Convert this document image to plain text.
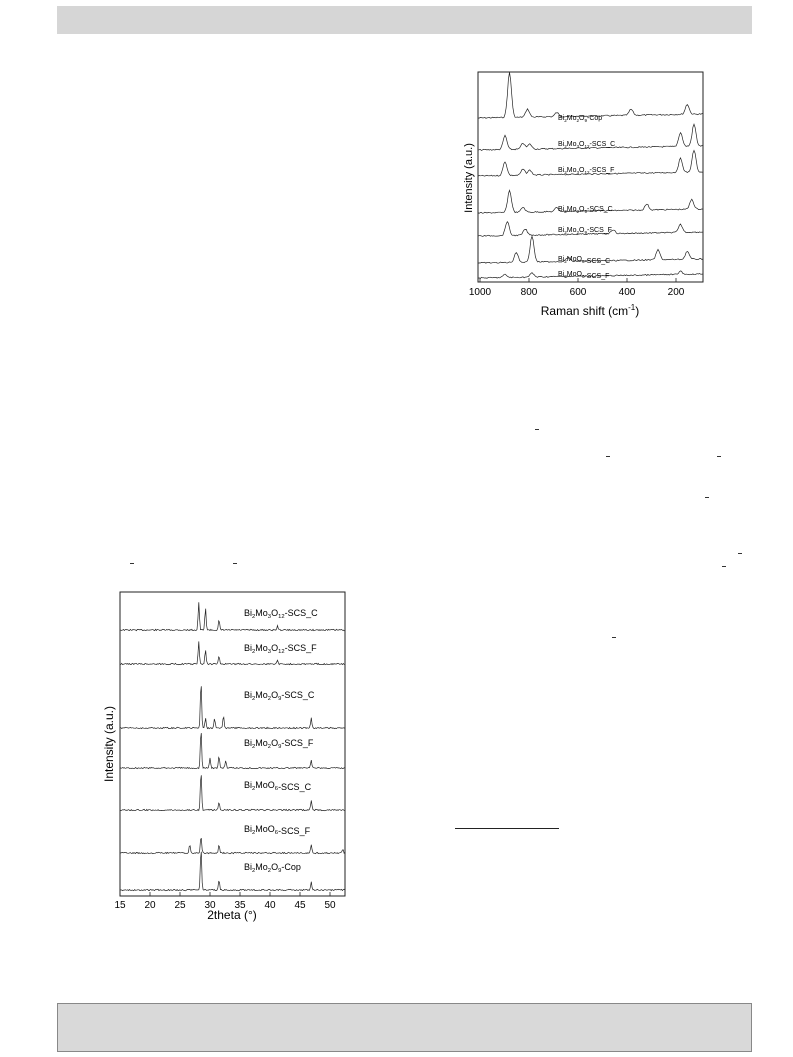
$Bi_2Mo_2O_9$-Cop
$Bi_2Mo_3O_{12}-SCS\_C$
$Bi_2Mo_3O_{12}-SCS\_F$
$Bi_2Mo_2O_9-SCS\_C$
$Bi_2Mo_2O_9-SCS\_F$
$Bi_2MoO_6-SCS\_C$
$Bi_2MoO_6-SCS\_F$
1000	800	600	400	200
Intensity (a.u.)
Raman shift $(cm^{-1})$
$Bi_2Mo_3O_{12}-SCS\_C$
$Bi_2Mo_3O_{12}-SCS\_F$
$Bi_2Mo_2O_9-SCS\_C$
$Bi_2Mo_2O_9-SCS\_F$
$Bi_2MoO_6-SCS\_C$
$Bi_2MoO_6-SCS\_F$
$Bi_2Mo_2O_9$-Cop
15 20 25 30 35 40 45 50
Intensity (a.u.)
2theta (°)
